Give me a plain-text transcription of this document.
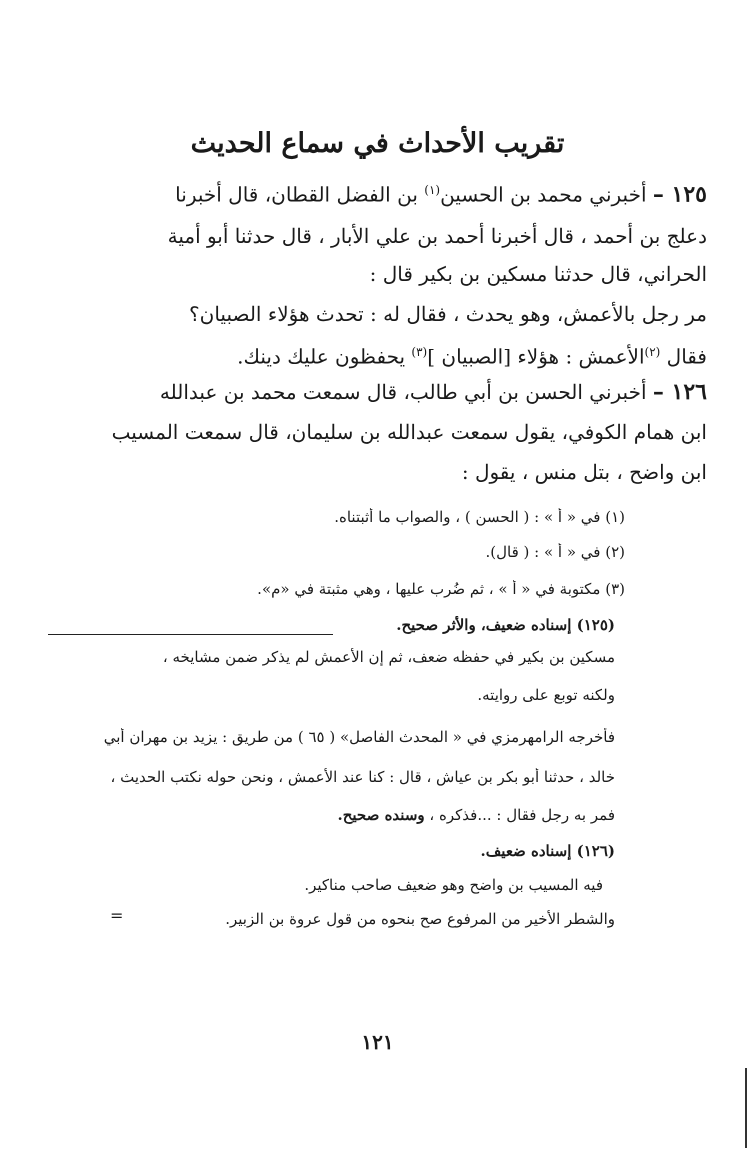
تقريب الأحداث في سماع الحديث
١٢٥ – أخبرني محمد بن الحسين$^{(١)}$ بن الفضل القطان، قال أخبرنا
دعلج بن أحمد ، قال أخبرنا أحمد بن علي الأبار ، قال حدثنا أبو أمية
الحراني، قال حدثنا مسكين بن بكير قال :
مر رجل بالأعمش، وهو يحدث ، فقال له : تحدث هؤلاء الصبيان؟
فقال $^{(٢)}$الأعمش : هؤلاء [الصبيان ]$^{(٣)}$ يحفظون عليك دينك.
١٢٦ – أخبرني الحسن بن أبي طالب، قال سمعت محمد بن عبدالله
ابن همام الكوفي، يقول سمعت عبدالله بن سليمان، قال سمعت المسيب
ابن واضح ، بتل منس ، يقول :
(١) في « أ » : ( الحسن ) ، والصواب ما أثبتناه.
(٢) في « أ » : ( قال).
(٣) مكتوبة في « أ » ، ثم ضُرب عليها ، وهي مثبتة في «م».
(١٢٥) إسناده ضعيف، والأثر صحيح.
مسكين بن بكير في حفظه ضعف، ثم إن الأعمش لم يذكر ضمن مشايخه ،
ولكنه توبع على روايته.
فأخرجه الرامهرمزي في « المحدث الفاصل» ( ٦٥ ) من طريق : يزيد بن مهران أبي
خالد ، حدثنا أبو بكر بن عياش ، قال : كنا عند الأعمش ، ونحن حوله نكتب الحديث ،
فمر به رجل فقال : ...فذكره ، وسنده صحيح.
(١٢٦) إسناده ضعيف.
فيه المسيب بن واضح وهو ضعيف صاحب مناكير.
والشطر الأخير من المرفوع صح بنحوه من قول عروة بن الزبير.
=
١٢١
